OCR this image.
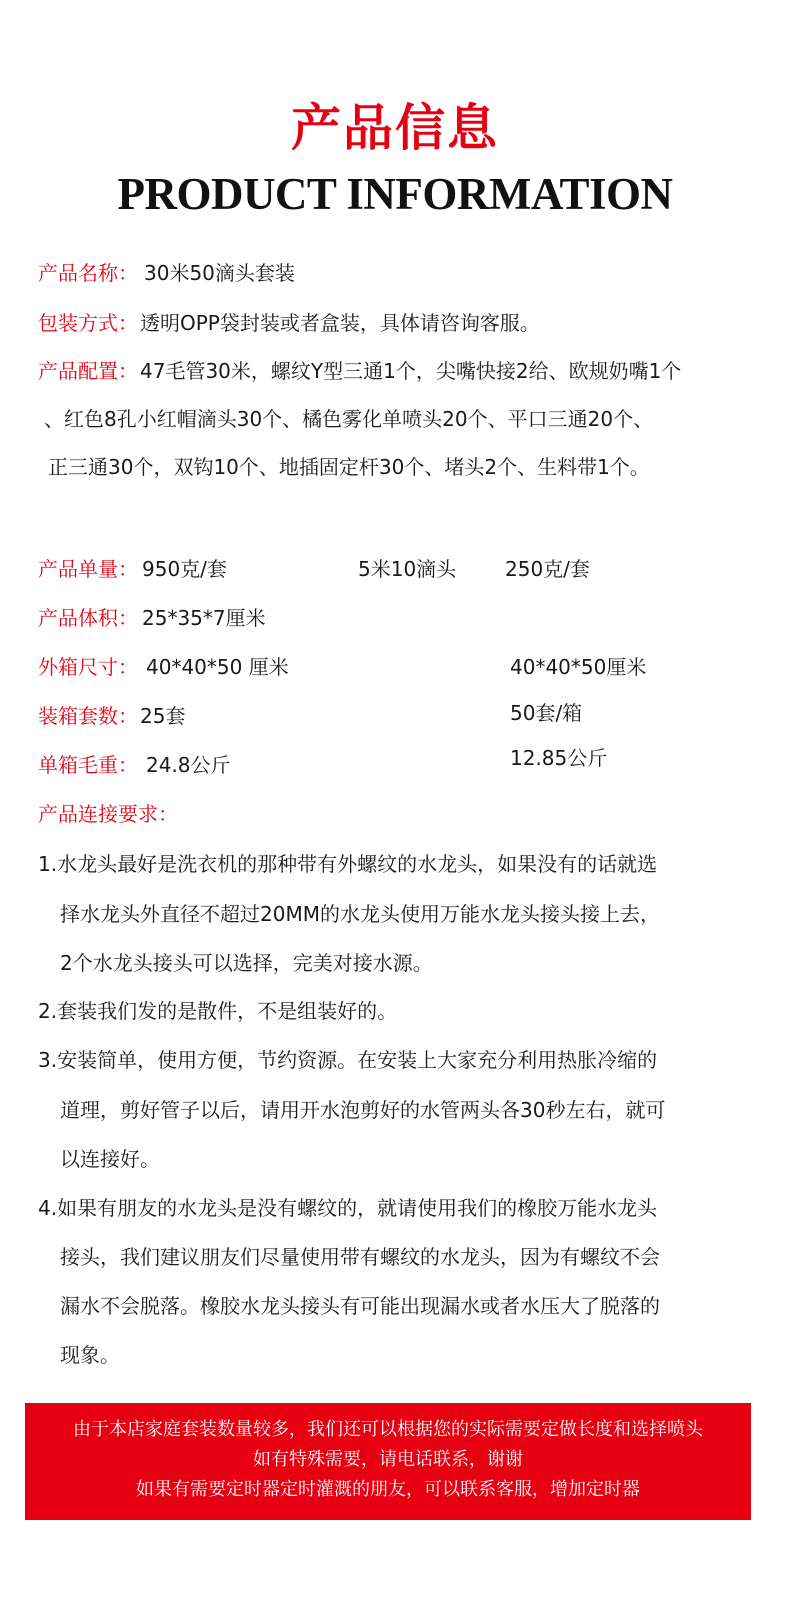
产品信息
PRODUCT INFORMATION
产品名称： 30米50滴头套装
包装方式： 透明OPP袋封装或者盒装，具体请咨询客服。
产品配置： 47毛管30米，螺纹Y型三通1个，尖嘴快接2给、欧规奶嘴1个
、红色8孔小红帽滴头30个、橘色雾化单喷头20个、平口三通20个、
正三通30个，双钩10个、地插固定杆30个、堵头2个、生料带1个。
产品单量： 950克/套	5米10滴头 250克/套
产品体积： 25*35*7厘米
外箱尺寸： 40*40*50 厘米	40*40*50厘米
装箱套数： 25套	50套/箱
单箱毛重： 24.8公斤	12.85公斤
产品连接要求：
1.水龙头最好是洗衣机的那种带有外螺纹的水龙头，如果没有的话就选
择水龙头外直径不超过20MM的水龙头使用万能水龙头接头接上去，
2个水龙头接头可以选择，完美对接水源。
2.套装我们发的是散件，不是组装好的。
3.安装简单，使用方便，节约资源。在安装上大家充分利用热胀冷缩的
道理，剪好管子以后，请用开水泡剪好的水管两头各30秒左右，就可
以连接好。
4.如果有朋友的水龙头是没有螺纹的，就请使用我们的橡胶万能水龙头
接头，我们建议朋友们尽量使用带有螺纹的水龙头，因为有螺纹不会
漏水不会脱落。橡胶水龙头接头有可能出现漏水或者水压大了脱落的
现象。
由于本店家庭套装数量较多，我们还可以根据您的实际需要定做长度和选择喷头
如有特殊需要，请电话联系，谢谢
如果有需要定时器定时灌溉的朋友，可以联系客服，增加定时器
